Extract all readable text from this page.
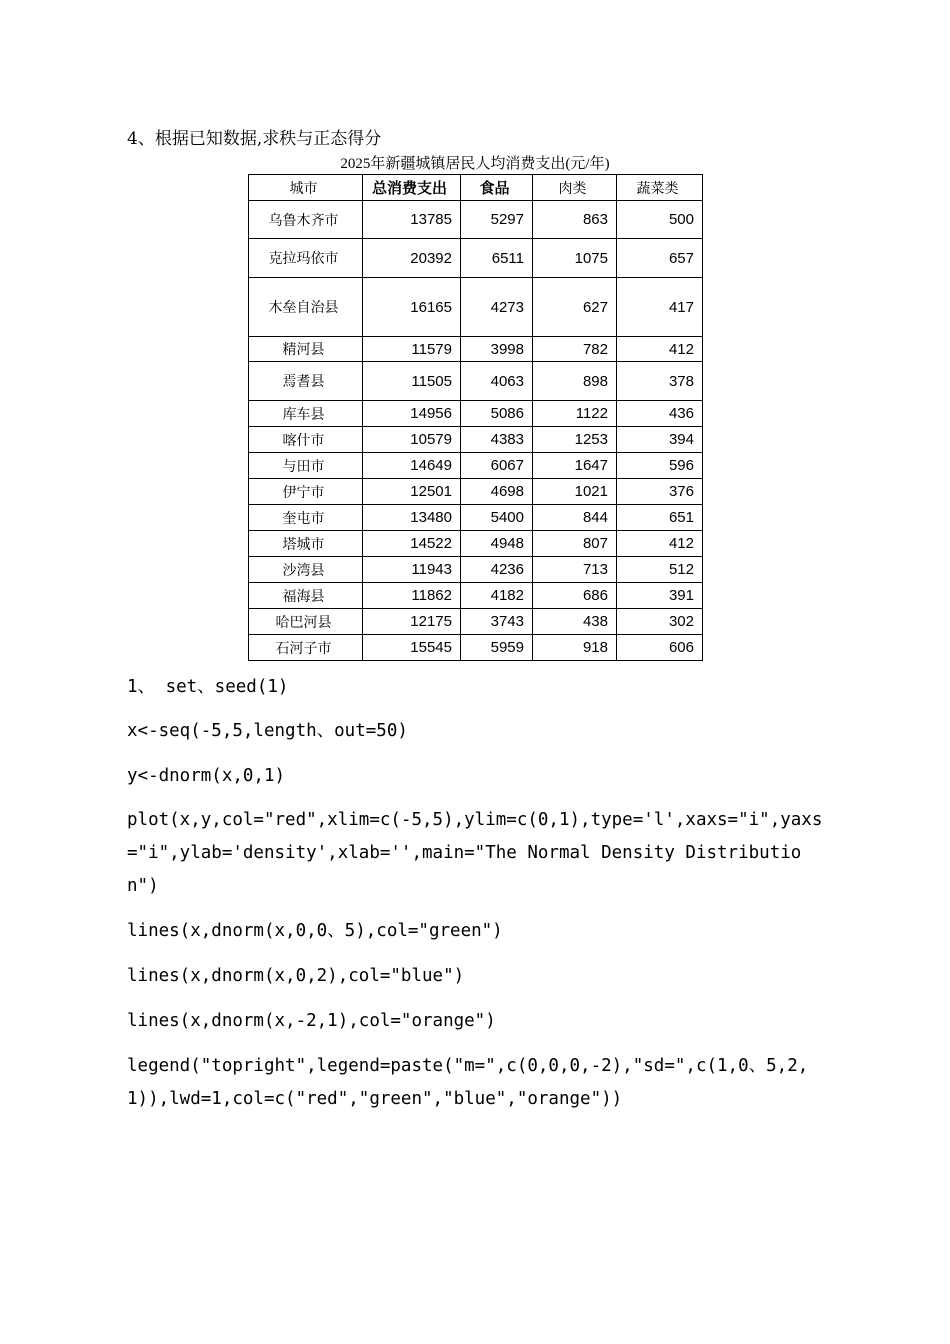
4、根据已知数据,求秩与正态得分
2025年新疆城镇居民人均消费支出(元/年)
城市	总消费支出	食品	肉类	蔬菜类
乌鲁木齐市	13785	5297	863	500
克拉玛依市	20392	6511	1075	657
木垒自治县	16165	4273	627	417
精河县	11579	3998	782	412
焉耆县	11505	4063	898	378
库车县	14956	5086	1122	436
喀什市	10579	4383	1253	394
与田市	14649	6067	1647	596
伊宁市	12501	4698	1021	376
奎屯市	13480	5400	844	651
塔城市	14522	4948	807	412
沙湾县	11943	4236	713	512
福海县	11862	4182	686	391
哈巴河县	12175	3743	438	302
石河子市	15545	5959	918	606
1、 set、seed(1)
x<-seq(-5,5,length、out=50)
y<-dnorm(x,0,1)
plot(x,y,col="red",xlim=c(-5,5),ylim=c(0,1),type='l',xaxs="i",yaxs="i",ylab='density',xlab='',main="The Normal Density Distribution")
lines(x,dnorm(x,0,0、5),col="green")
lines(x,dnorm(x,0,2),col="blue")
lines(x,dnorm(x,-2,1),col="orange")
legend("topright",legend=paste("m=",c(0,0,0,-2),"sd=",c(1,0、5,2,1)),lwd=1,col=c("red","green","blue","orange"))
